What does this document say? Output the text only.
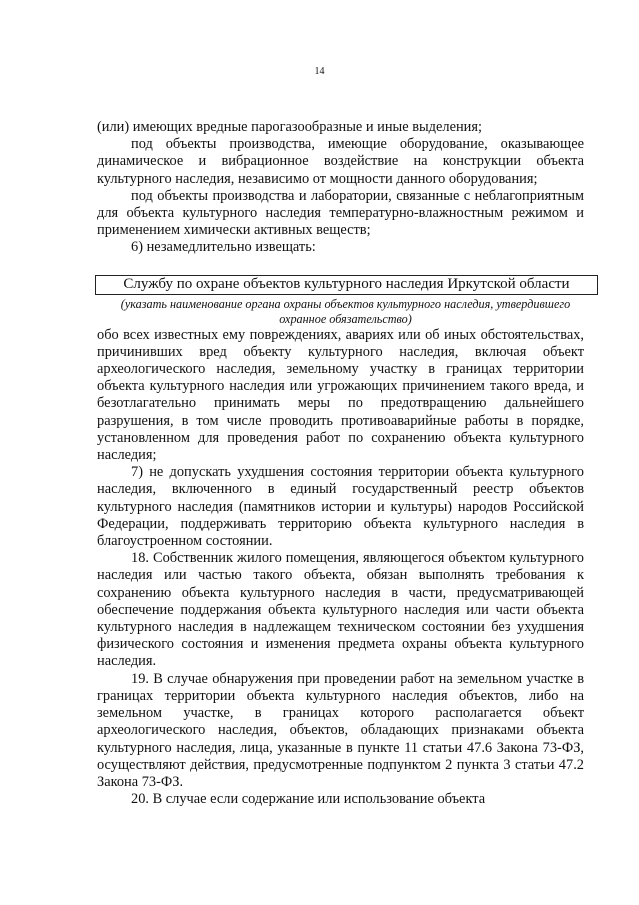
14

(или) имеющих вредные парогазообразные и иные выделения;

под объекты производства, имеющие оборудование, оказывающее динамическое и вибрационное воздействие на конструкции объекта культурного наследия, независимо от мощности данного оборудования;

под объекты производства и лаборатории, связанные с неблагоприятным для объекта культурного наследия температурно-влажностным режимом и применением химически активных веществ;

6) незамедлительно извещать:

Службу по охране объектов культурного наследия Иркутской области
(указать наименование органа охраны объектов культурного наследия, утвердившего
охранное обязательство)

обо всех известных ему повреждениях, авариях или об иных обстоятельствах, причинивших вред объекту культурного наследия, включая объект археологического наследия, земельному участку в границах территории объекта культурного наследия или угрожающих причинением такого вреда, и безотлагательно принимать меры по предотвращению дальнейшего разрушения, в том числе проводить противоаварийные работы в порядке, установленном для проведения работ по сохранению объекта культурного наследия;

7) не допускать ухудшения состояния территории объекта культурного наследия, включенного в единый государственный реестр объектов культурного наследия (памятников истории и культуры) народов Российской Федерации, поддерживать территорию объекта культурного наследия в благоустроенном состоянии.

18. Собственник жилого помещения, являющегося объектом культурного наследия или частью такого объекта, обязан выполнять требования к сохранению объекта культурного наследия в части, предусматривающей обеспечение поддержания объекта культурного наследия или части объекта культурного наследия в надлежащем техническом состоянии без ухудшения физического состояния и изменения предмета охраны объекта культурного наследия.

19. В случае обнаружения при проведении работ на земельном участке в границах территории объекта культурного наследия объектов, либо на земельном участке, в границах которого располагается объект археологического наследия, объектов, обладающих признаками объекта культурного наследия, лица, указанные в пункте 11 статьи 47.6 Закона 73-ФЗ, осуществляют действия, предусмотренные подпунктом 2 пункта 3 статьи 47.2 Закона 73-ФЗ.

20. В случае если содержание или использование объекта
